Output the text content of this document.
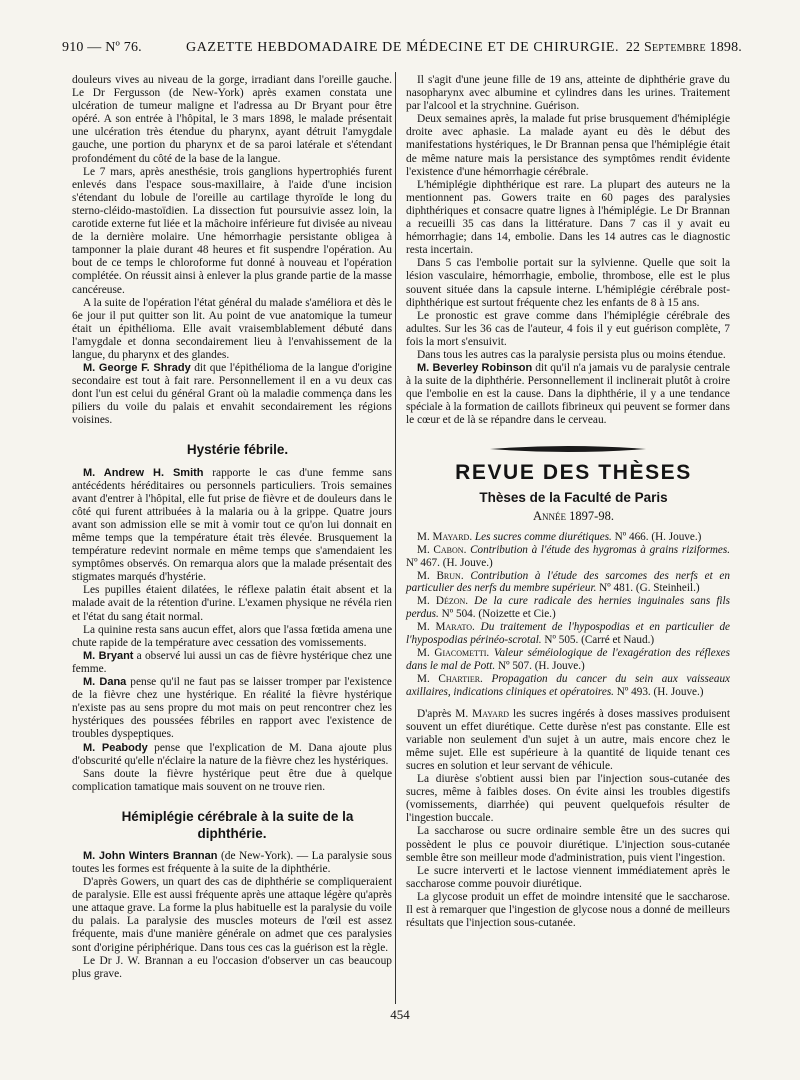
910 — Nº 76.	GAZETTE HEBDOMADAIRE DE MÉDECINE ET DE CHIRURGIE. 22 Septembre 1898.

douleurs vives au niveau de la gorge, irradiant dans l'oreille gauche. Le Dr Fergusson (de New-York) après examen constata une ulcération de tumeur maligne et l'adressa au Dr Bryant pour être opéré. A son entrée à l'hôpital, le 3 mars 1898, le malade présentait une ulcération très étendue du pharynx, ayant détruit l'amygdale gauche, une portion du pharynx et de sa paroi latérale et s'étendant profondément du côté de la base de la langue.

Le 7 mars, après anesthésie, trois ganglions hypertrophiés furent enlevés dans l'espace sous-maxillaire, à l'aide d'une incision s'étendant du lobule de l'oreille au cartilage thyroïde le long du sterno-cléido-mastoïdien. La dissection fut poursuivie assez loin, la carotide externe fut liée et la mâchoire inférieure fut divisée au niveau de la dernière molaire. Une hémorrhagie persistante obligea à tamponner la plaie durant 48 heures et fit suspendre l'opération. Au bout de ce temps le chloroforme fut donné à nouveau et l'opération complétée. On réussit ainsi à enlever la plus grande partie de la masse cancéreuse.

A la suite de l'opération l'état général du malade s'améliora et dès le 6e jour il put quitter son lit. Au point de vue anatomique la tumeur était un épithélioma. Elle avait vraisemblablement débuté dans l'amygdale et donna secondairement lieu à l'envahissement de la langue, du pharynx et des glandes.

M. George F. Shrady dit que l'épithélioma de la langue d'origine secondaire est tout à fait rare. Personnellement il en a vu deux cas dont l'un est celui du général Grant où la maladie commença dans les piliers du voile du palais et envahit secondairement les régions voisines.

Hystérie fébrile.

M. Andrew H. Smith rapporte le cas d'une femme sans antécédents héréditaires ou personnels particuliers. Trois semaines avant d'entrer à l'hôpital, elle fut prise de fièvre et de douleurs dans le côté qui furent attribuées à la malaria ou à la grippe. Quatre jours avant son admission elle se mit à vomir tout ce qu'on lui donnait en même temps que la température était très élevée. Brusquement la température redevint normale en même temps que s'amendaient les symptômes observés. On remarqua alors que la malade présentait des stigmates marqués d'hystérie.

Les pupilles étaient dilatées, le réflexe palatin était absent et la malade avait de la rétention d'urine. L'examen physique ne révéla rien et l'état du sang était normal.

La quinine resta sans aucun effet, alors que l'assa fœtida amena une chute rapide de la température avec cessation des vomissements.

M. Bryant a observé lui aussi un cas de fièvre hystérique chez une femme.

M. Dana pense qu'il ne faut pas se laisser tromper par l'existence de la fièvre chez une hystérique. En réalité la fièvre hystérique n'existe pas au sens propre du mot mais on peut rencontrer chez les hystériques des poussées fébriles en rapport avec l'existence de troubles dyspeptiques.

M. Peabody pense que l'explication de M. Dana ajoute plus d'obscurité qu'elle n'éclaire la nature de la fièvre chez les hystériques.

Sans doute la fièvre hystérique peut être due à quelque complication tamatique mais souvent on ne trouve rien.

Hémiplégie cérébrale à la suite de la
diphthérie.

M. John Winters Brannan (de New-York). — La paralysie sous toutes les formes est fréquente à la suite de la diphthérie.

D'après Gowers, un quart des cas de diphthérie se compliqueraient de paralysie. Elle est aussi fréquente après une attaque légère qu'après une attaque grave. La forme la plus habituelle est la paralysie du voile du palais. La paralysie des muscles moteurs de l'œil est assez fréquente, mais d'une manière générale on admet que ces paralysies sont d'origine périphérique. Dans tous ces cas la guérison est la règle.

Le Dr J. W. Brannan a eu l'occasion d'observer un cas beaucoup plus grave.

Il s'agit d'une jeune fille de 19 ans, atteinte de diphthérie grave du nasopharynx avec albumine et cylindres dans les urines. Traitement par l'alcool et la strychnine. Guérison.

Deux semaines après, la malade fut prise brusquement d'hémiplégie droite avec aphasie. La malade ayant eu dès le début des manifestations hystériques, le Dr Brannan pensa que l'hémiplégie était de même nature mais la persistance des symptômes rendit évidente l'existence d'une hémorrhagie cérébrale.

L'hémiplégie diphthérique est rare. La plupart des auteurs ne la mentionnent pas. Gowers traite en 60 pages des paralysies diphthériques et consacre quatre lignes à l'hémiplégie. Le Dr Brannan a recueilli 35 cas dans la littérature. Dans 7 cas il y avait eu hémorrhagie; dans 14, embolie. Dans les 14 autres cas le diagnostic resta incertain.

Dans 5 cas l'embolie portait sur la sylvienne. Quelle que soit la lésion vasculaire, hémorrhagie, embolie, thrombose, elle est le plus souvent située dans la capsule interne. L'hémiplégie cérébrale post-diphthérique est surtout fréquente chez les enfants de 8 à 15 ans.

Le pronostic est grave comme dans l'hémiplégie cérébrale des adultes. Sur les 36 cas de l'auteur, 4 fois il y eut guérison complète, 7 fois la mort s'ensuivit.

Dans tous les autres cas la paralysie persista plus ou moins étendue.

M. Beverley Robinson dit qu'il n'a jamais vu de paralysie centrale à la suite de la diphthérie. Personnellement il inclinerait plutôt à croire que l'embolie en est la cause. Dans la diphthérie, il y a une tendance spéciale à la formation de caillots fibrineux qui peuvent se former dans le cœur et de là se répandre dans le cerveau.

REVUE DES THÈSES

Thèses de la Faculté de Paris

Année 1897-98.

M. Mayard. Les sucres comme diurétiques. Nº 466. (H. Jouve.)

M. Cabon. Contribution à l'étude des hygromas à grains riziformes. Nº 467. (H. Jouve.)

M. Brun. Contribution à l'étude des sarcomes des nerfs et en particulier des nerfs du membre supérieur. Nº 481. (G. Steinheil.)

M. Dézon. De la cure radicale des hernies inguinales sans fils perdus. Nº 504. (Noizette et Cie.)

M. Marato. Du traitement de l'hypospodias et en particulier de l'hypospodias périnéo-scrotal. Nº 505. (Carré et Naud.)

M. Giacometti. Valeur séméiologique de l'exagération des réflexes dans le mal de Pott. Nº 507. (H. Jouve.)

M. Chartier. Propagation du cancer du sein aux vaisseaux axillaires, indications cliniques et opératoires. Nº 493. (H. Jouve.)

D'après M. Mayard les sucres ingérés à doses massives produisent souvent un effet diurétique. Cette durèse n'est pas constante. Elle est variable non seulement d'un sujet à un autre, mais encore chez le même sujet. Elle est supérieure à la quantité de liquide tenant ces sucres en solution et leur servant de véhicule.

La diurèse s'obtient aussi bien par l'injection sous-cutanée des sucres, même à faibles doses. On évite ainsi les troubles digestifs (vomissements, diarrhée) qui peuvent quelquefois résulter de l'ingestion buccale.

La saccharose ou sucre ordinaire semble être un des sucres qui possèdent le plus ce pouvoir diurétique. L'injection sous-cutanée semble être son meilleur mode d'administration, puis vient l'ingestion.

Le sucre interverti et le lactose viennent immédiatement après le saccharose comme pouvoir diurétique.

La glycose produit un effet de moindre intensité que le saccharose. Il est à remarquer que l'ingestion de glycose nous a donné de meilleurs résultats que l'injection sous-cutanée.

454
